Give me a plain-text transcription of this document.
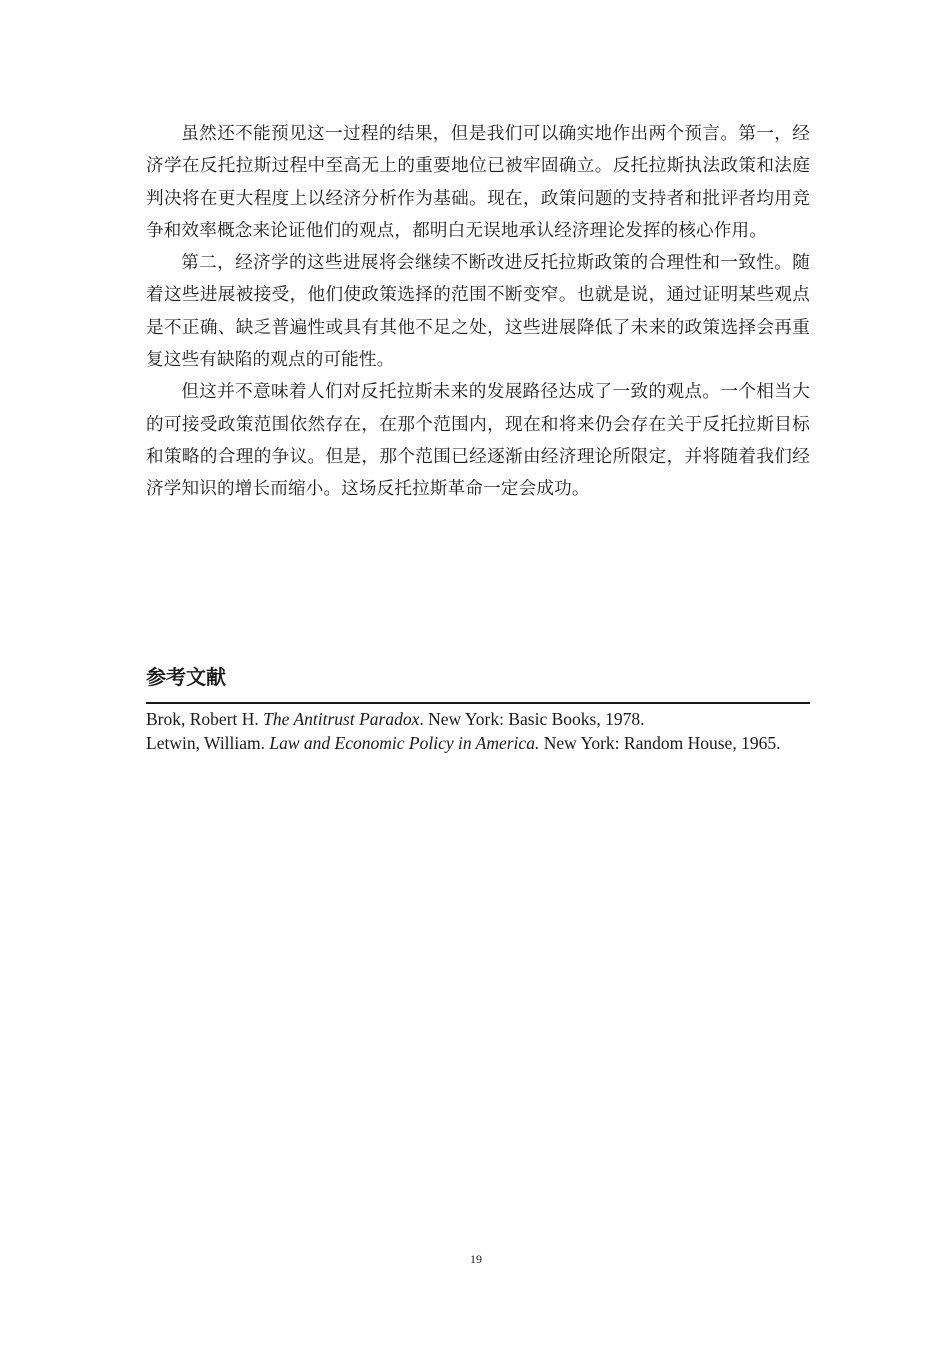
虽然还不能预见这一过程的结果，但是我们可以确实地作出两个预言。第一，经济学在反托拉斯过程中至高无上的重要地位已被牢固确立。反托拉斯执法政策和法庭判决将在更大程度上以经济分析作为基础。现在，政策问题的支持者和批评者均用竞争和效率概念来论证他们的观点，都明白无误地承认经济理论发挥的核心作用。

第二，经济学的这些进展将会继续不断改进反托拉斯政策的合理性和一致性。随着这些进展被接受，他们使政策选择的范围不断变窄。也就是说，通过证明某些观点是不正确、缺乏普遍性或具有其他不足之处，这些进展降低了未来的政策选择会再重复这些有缺陷的观点的可能性。

但这并不意味着人们对反托拉斯未来的发展路径达成了一致的观点。一个相当大的可接受政策范围依然存在，在那个范围内，现在和将来仍会存在关于反托拉斯目标和策略的合理的争议。但是，那个范围已经逐渐由经济理论所限定，并将随着我们经济学知识的增长而缩小。这场反托拉斯革命一定会成功。

参考文献
Brok, Robert H. The Antitrust Paradox. New York: Basic Books, 1978.
Letwin, William. Law and Economic Policy in America. New York: Random House, 1965.
19
